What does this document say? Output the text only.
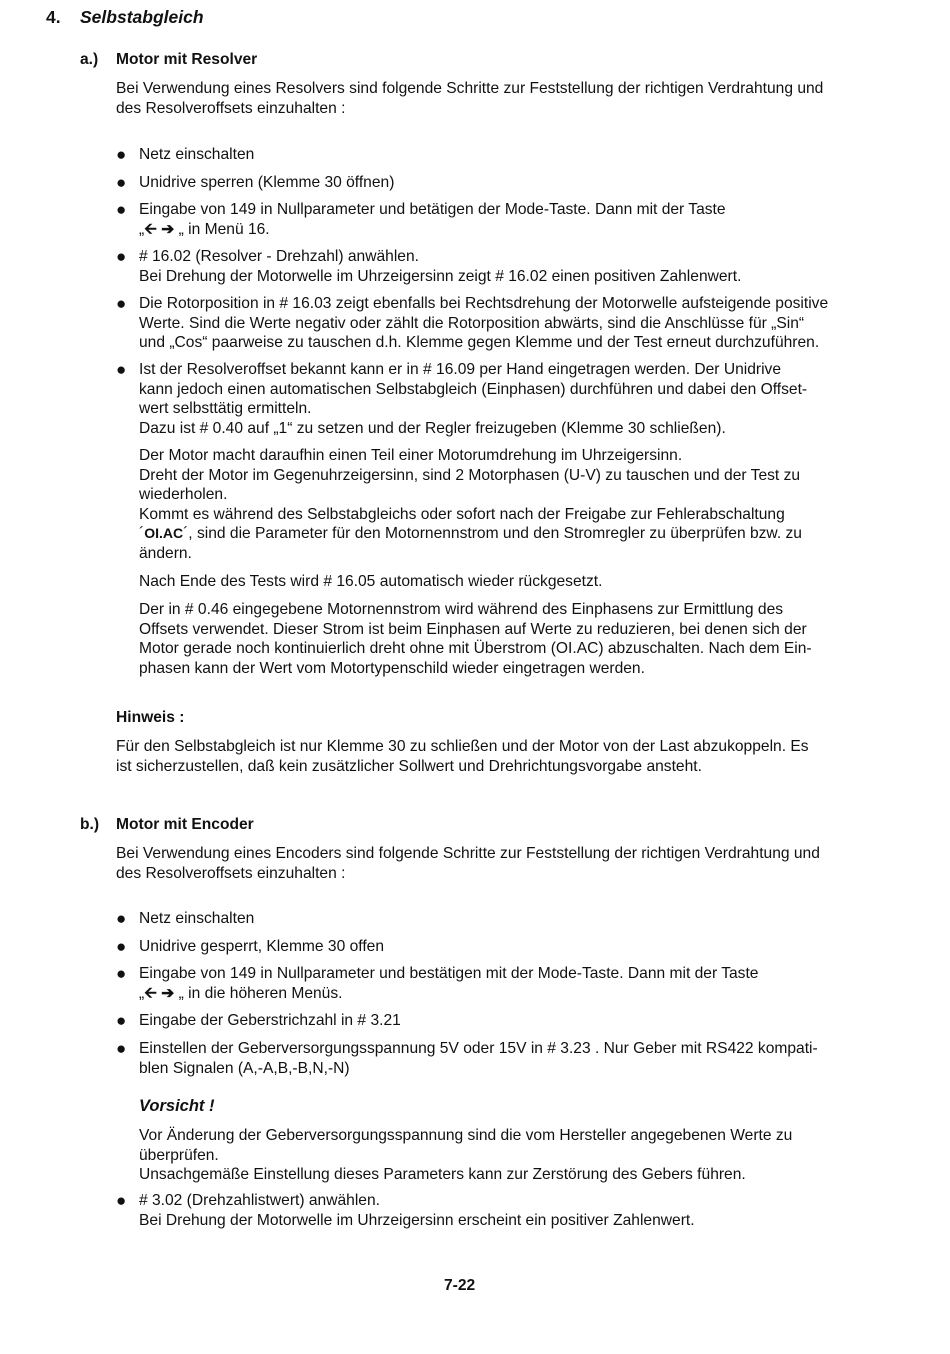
4. Selbstabgleich
a.) Motor mit Resolver
Bei Verwendung eines Resolvers sind folgende Schritte zur Feststellung der richtigen Verdrahtung und
des Resolveroffsets einzuhalten :
● Netz einschalten
● Unidrive sperren (Klemme 30 öffnen)
● Eingabe von 149 in Nullparameter und betätigen der Mode-Taste. Dann mit der Taste
„🡨 ➔ „ in Menü 16.
● # 16.02 (Resolver - Drehzahl) anwählen.
Bei Drehung der Motorwelle im Uhrzeigersinn zeigt # 16.02 einen positiven Zahlenwert.
● Die Rotorposition in # 16.03 zeigt ebenfalls bei Rechtsdrehung der Motorwelle aufsteigende positive
Werte. Sind die Werte negativ oder zählt die Rotorposition abwärts, sind die Anschlüsse für „Sin“
und „Cos“ paarweise zu tauschen d.h. Klemme gegen Klemme und der Test erneut durchzuführen.
● Ist der Resolveroffset bekannt kann er in # 16.09 per Hand eingetragen werden. Der Unidrive
kann jedoch einen automatischen Selbstabgleich (Einphasen) durchführen und dabei den Offset-
wert selbsttätig ermitteln.
Dazu ist # 0.40 auf „1“ zu setzen und der Regler freizugeben (Klemme 30 schließen).
Der Motor macht daraufhin einen Teil einer Motorumdrehung im Uhrzeigersinn.
Dreht der Motor im Gegenuhrzeigersinn, sind 2 Motorphasen (U-V) zu tauschen und der Test zu
wiederholen.
Kommt es während des Selbstabgleichs oder sofort nach der Freigabe zur Fehlerabschaltung
´OI.AC´, sind die Parameter für den Motornennstrom und den Stromregler zu überprüfen bzw. zu
ändern.
Nach Ende des Tests wird # 16.05 automatisch wieder rückgesetzt.
Der in # 0.46 eingegebene Motornennstrom wird während des Einphasens zur Ermittlung des
Offsets verwendet. Dieser Strom ist beim Einphasen auf Werte zu reduzieren, bei denen sich der
Motor gerade noch kontinuierlich dreht ohne mit Überstrom (OI.AC) abzuschalten. Nach dem Ein-
phasen kann der Wert vom Motortypenschild wieder eingetragen werden.
Hinweis :
Für den Selbstabgleich ist nur Klemme 30 zu schließen und der Motor von der Last abzukoppeln. Es
ist sicherzustellen, daß kein zusätzlicher Sollwert und Drehrichtungsvorgabe ansteht.
b.) Motor mit Encoder
Bei Verwendung eines Encoders sind folgende Schritte zur Feststellung der richtigen Verdrahtung und
des Resolveroffsets einzuhalten :
● Netz einschalten
● Unidrive gesperrt, Klemme 30 offen
● Eingabe von 149 in Nullparameter und bestätigen mit der Mode-Taste. Dann mit der Taste
„🡨 ➔ „ in die höheren Menüs.
● Eingabe der Geberstrichzahl in # 3.21
● Einstellen der Geberversorgungsspannung 5V oder 15V in # 3.23 . Nur Geber mit RS422 kompati-
blen Signalen (A,-A,B,-B,N,-N)
Vorsicht !
Vor Änderung der Geberversorgungsspannung sind die vom Hersteller angegebenen Werte zu
überprüfen.
Unsachgemäße Einstellung dieses Parameters kann zur Zerstörung des Gebers führen.
● # 3.02 (Drehzahlistwert) anwählen.
Bei Drehung der Motorwelle im Uhrzeigersinn erscheint ein positiver Zahlenwert.
7-22
